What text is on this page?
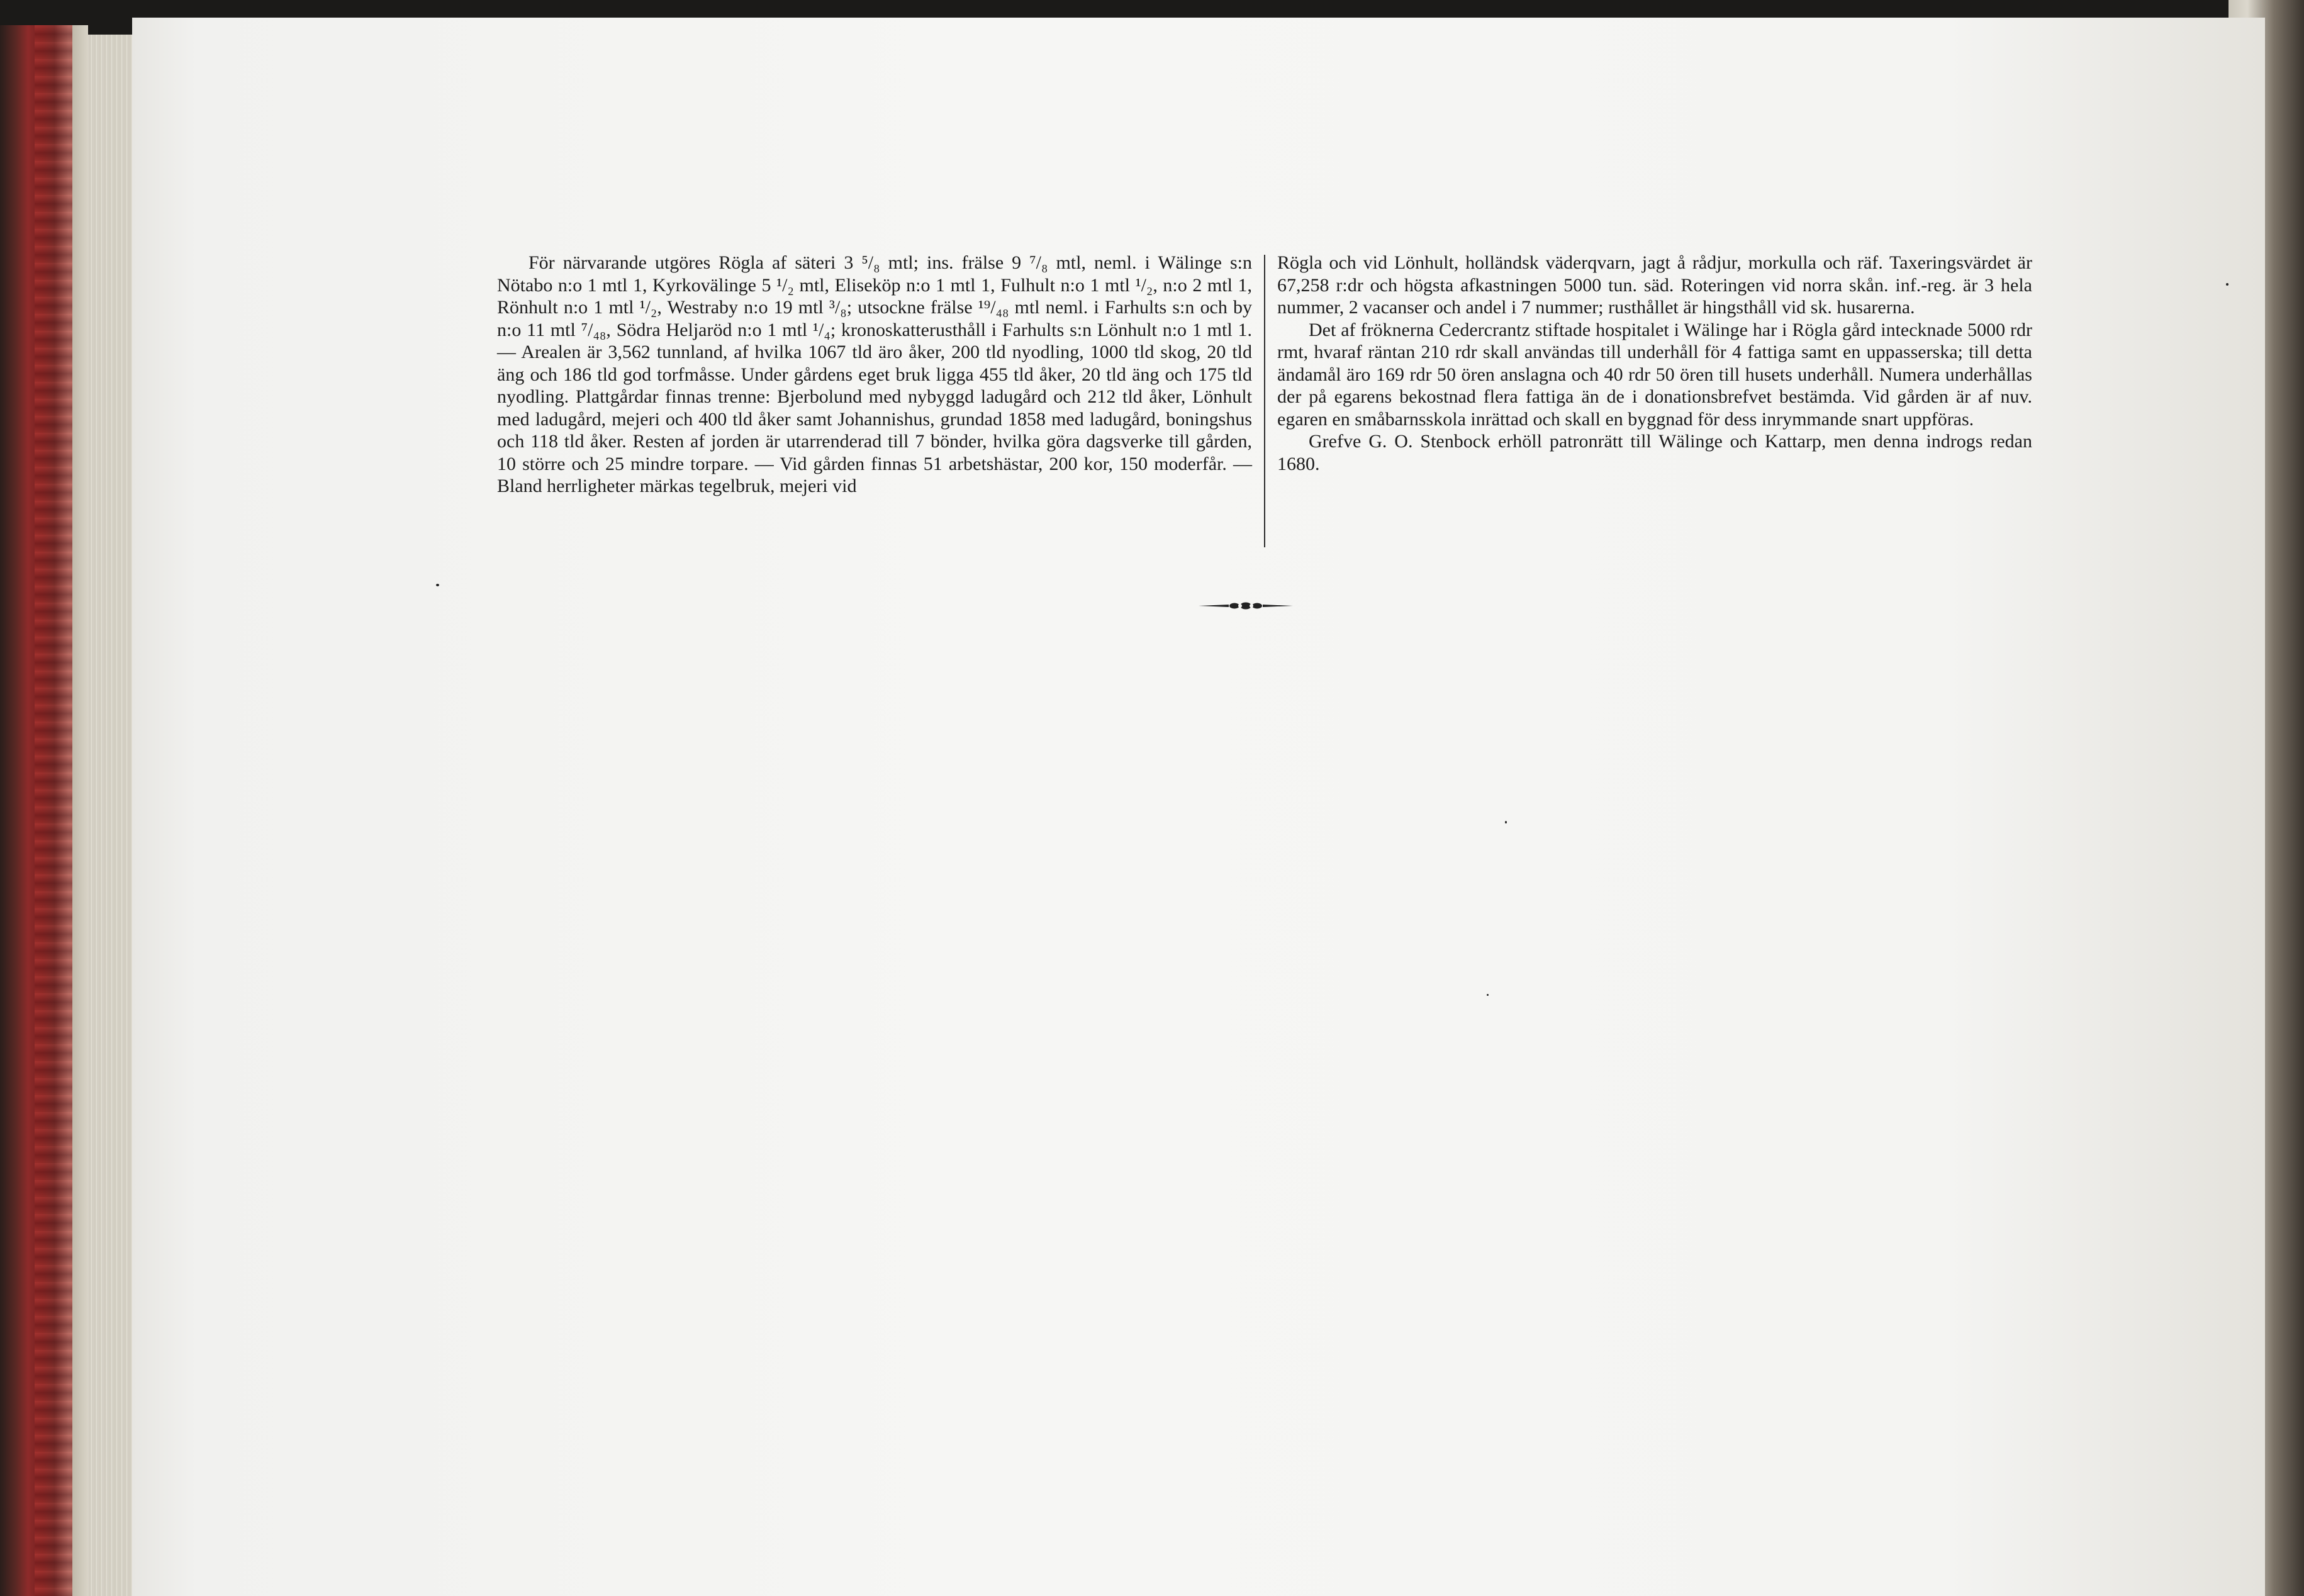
För närvarande utgöres Rögla af säteri 3 ⁵/₈ mtl; ins. frälse 9 ⁷/₈ mtl, neml. i Wälinge s:n Nötabo n:o 1 mtl 1, Kyrkovälinge 5 ¹/₂ mtl, Eliseköp n:o 1 mtl 1, Fulhult n:o 1 mtl ¹/₂, n:o 2 mtl 1, Rönhult n:o 1 mtl ¹/₂, Westraby n:o 19 mtl ³/₈; utsockne frälse ¹⁹/₄₈ mtl neml. i Farhults s:n och by n:o 11 mtl ⁷/₄₈, Södra Heljaröd n:o 1 mtl ¹/₄; kronoskatterusthåll i Farhults s:n Lönhult n:o 1 mtl 1. — Arealen är 3,562 tunnland, af hvilka 1067 tld äro åker, 200 tld nyodling, 1000 tld skog, 20 tld äng och 186 tld god torfmåsse. Under gårdens eget bruk ligga 455 tld åker, 20 tld äng och 175 tld nyodling. Plattgårdar finnas trenne: Bjerbolund med nybyggd ladugård och 212 tld åker, Lönhult med ladugård, mejeri och 400 tld åker samt Johannishus, grundad 1858 med ladugård, boningshus och 118 tld åker. Resten af jorden är utarrenderad till 7 bönder, hvilka göra dagsverke till gården, 10 större och 25 mindre torpare. — Vid gården finnas 51 arbetshästar, 200 kor, 150 moderfår. — Bland herrligheter märkas tegelbruk, mejeri vid

Rögla och vid Lönhult, holländsk väderqvarn, jagt å rådjur, morkulla och räf. Taxeringsvärdet är 67,258 r:dr och högsta afkastningen 5000 tun. säd. Roteringen vid norra skån. inf.-reg. är 3 hela nummer, 2 vacanser och andel i 7 nummer; rusthållet är hingsthåll vid sk. husarerna.

Det af fröknerna Cedercrantz stiftade hospitalet i Wälinge har i Rögla gård intecknade 5000 rdr rmt, hvaraf räntan 210 rdr skall användas till underhåll för 4 fattiga samt en uppasserska; till detta ändamål äro 169 rdr 50 ören anslagna och 40 rdr 50 ören till husets underhåll. Numera underhållas der på egarens bekostnad flera fattiga än de i donationsbrefvet bestämda. Vid gården är af nuv. egaren en småbarnsskola inrättad och skall en byggnad för dess inrymmande snart uppföras.

Grefve G. O. Stenbock erhöll patronrätt till Wälinge och Kattarp, men denna indrogs redan 1680.
